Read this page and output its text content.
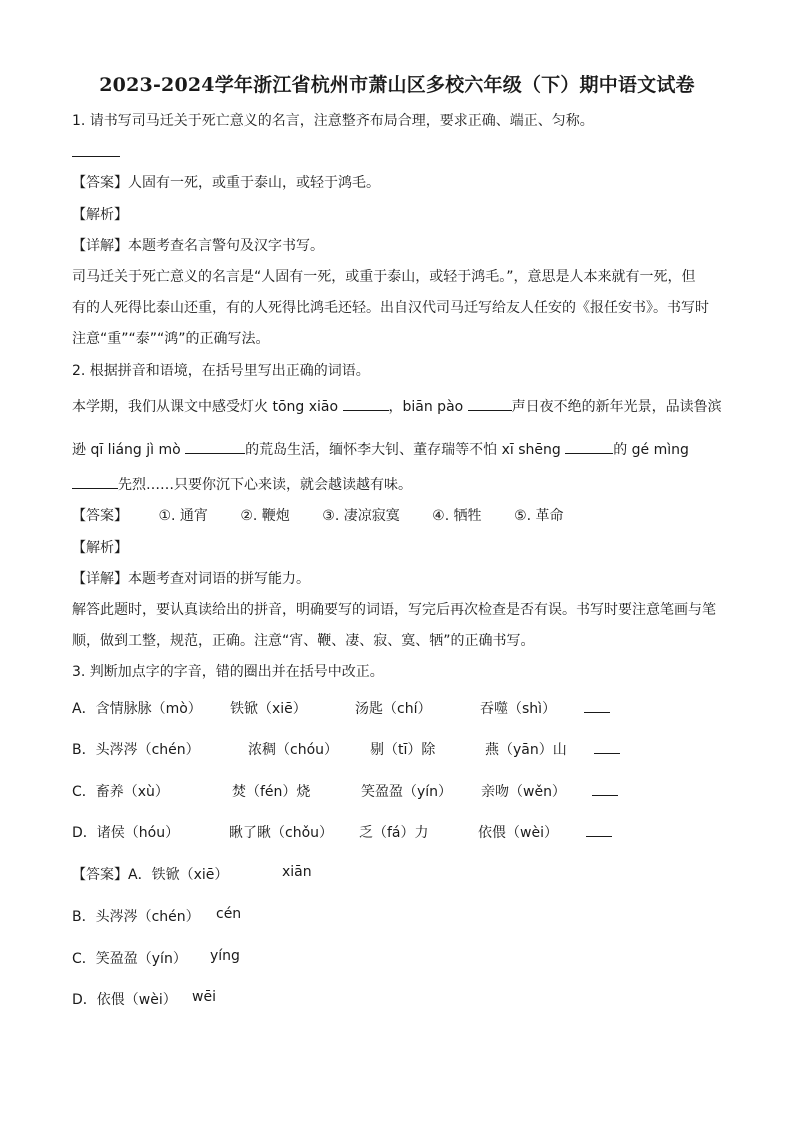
2023-2024学年浙江省杭州市萧山区多校六年级（下）期中语文试卷
1. 请书写司马迁关于死亡意义的名言，注意整齐布局合理，要求正确、端正、匀称。
【答案】人固有一死，或重于泰山，或轻于鸿毛。
【解析】
【详解】本题考查名言警句及汉字书写。
司马迁关于死亡意义的名言是“人固有一死，或重于泰山，或轻于鸿毛。”，意思是人本来就有一死，但
有的人死得比泰山还重，有的人死得比鸿毛还轻。出自汉代司马迁写给友人任安的《报任安书》。书写时
注意“重”“泰”“鸿”的正确写法。
2. 根据拼音和语境，在括号里写出正确的词语。
本学期，我们从课文中感受灯火 tōng xiāo	，biān pào	声日夜不绝的新年光景，品读鲁滨
逊 qī liáng jì mò	的荒岛生活，缅怀李大钊、董存瑞等不怕 xī shēng	的 gé mìng
先烈……只要你沉下心来读，就会越读越有味。
【答案】 ①. 通宵 ②. 鞭炮 ③. 凄凉寂寞 ④. 牺牲 ⑤. 革命
【解析】
【详解】本题考查对词语的拼写能力。
解答此题时，要认真读给出的拼音，明确要写的词语，写完后再次检查是否有误。书写时要注意笔画与笔
顺，做到工整，规范，正确。注意“宵、鞭、凄、寂、寞、牺”的正确书写。
3. 判断加点字的字音，错的圈出并在括号中改正。
A．含情脉脉（mò） 铁锨（xiē）	汤匙（chí）	吞噬（shì）
B．头涔涔（chén）	浓稠（chóu） 剔（tī）除	燕（yān）山
C．畜养（xù）	焚（fén）烧	笑盈盈（yín） 亲吻（wěn）
D．诸侯（hóu）	瞅了瞅（chǒu） 乏（fá）力	依偎（wèi）
【答案】A．铁锨（xiē）	xiān
B．头涔涔（chén） cén
C．笑盈盈（yín） yíng
D．依偎（wèi） wēi
